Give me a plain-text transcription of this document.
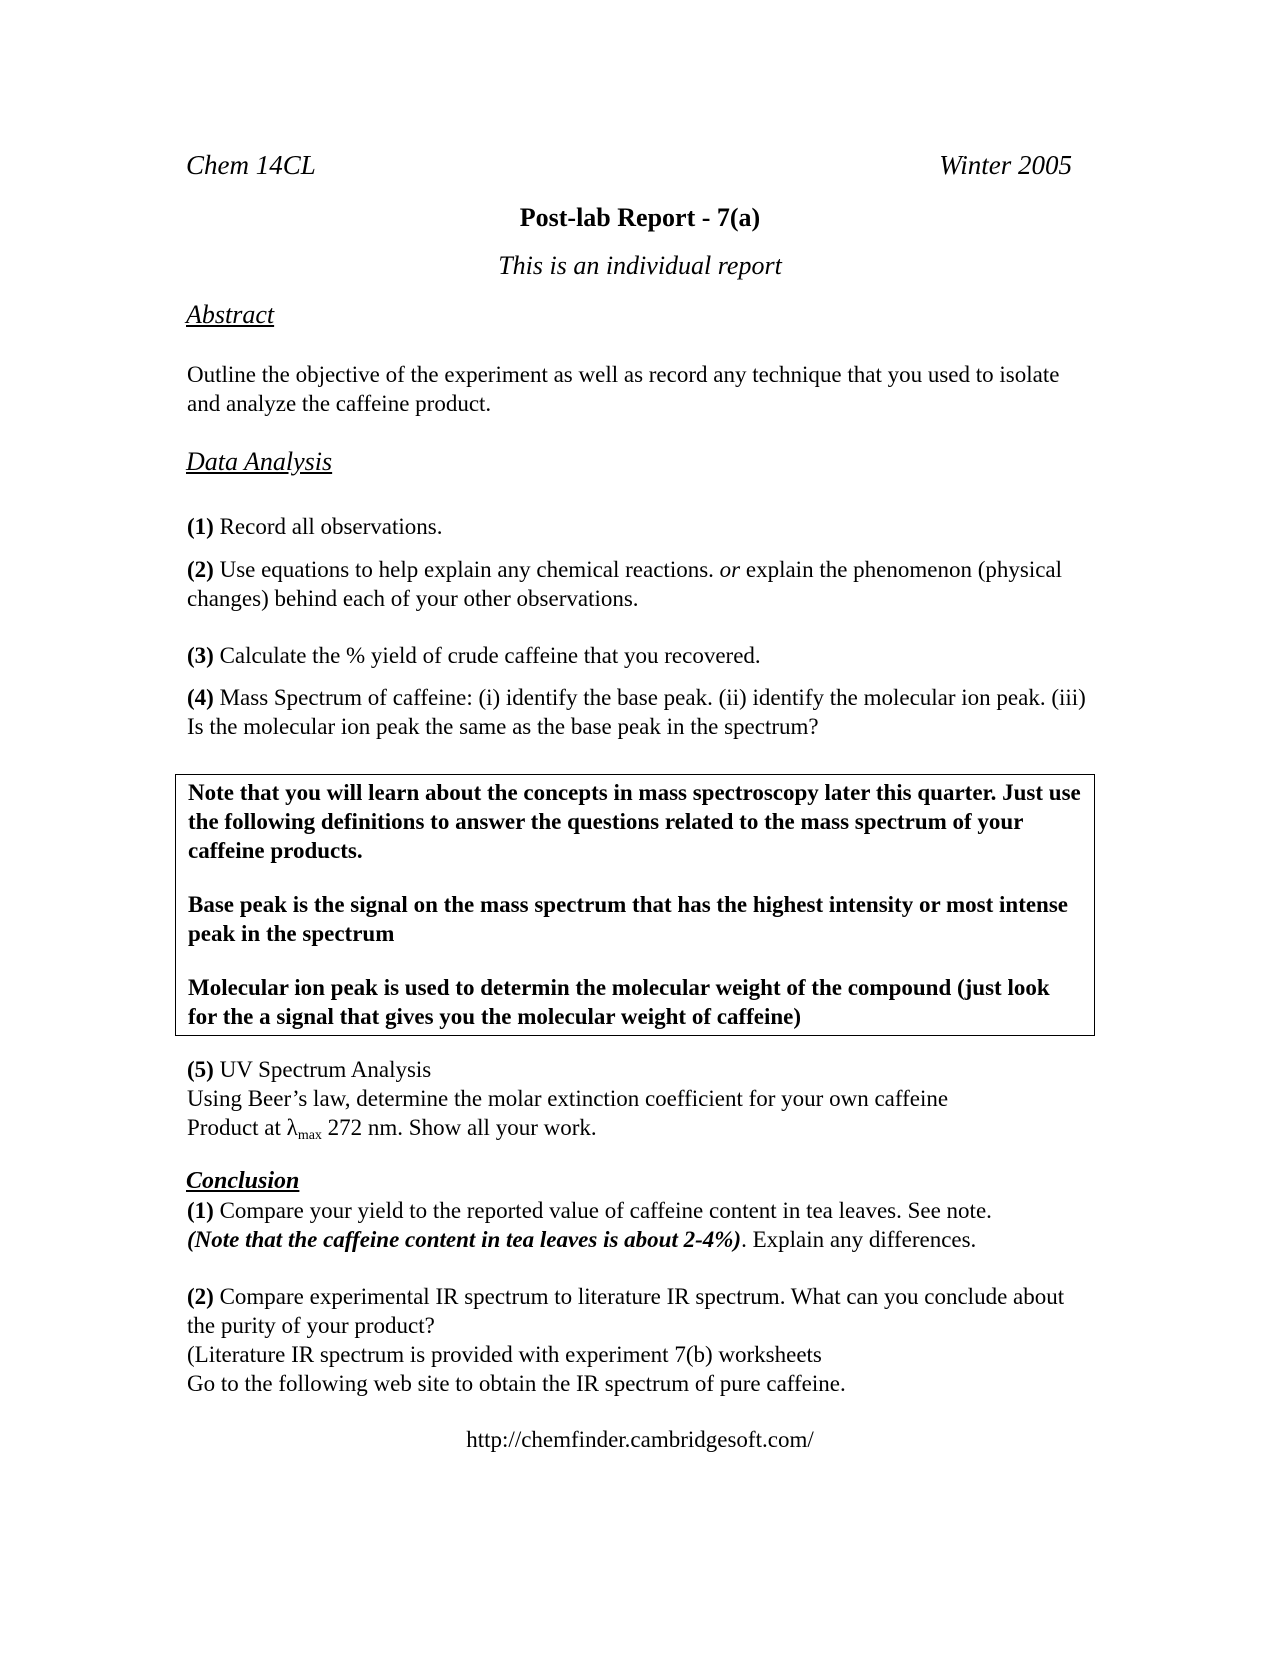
Chem 14CL	Winter 2005
Post-lab Report - 7(a)
This is an individual report
Abstract
Outline the objective of the experiment as well as record any technique that you used to isolate and analyze the caffeine product.
Data Analysis
(1) Record all observations.
(2) Use equations to help explain any chemical reactions. or explain the phenomenon (physical changes) behind each of your other observations.
(3) Calculate the % yield of crude caffeine that you recovered.
(4) Mass Spectrum of caffeine: (i) identify the base peak. (ii) identify the molecular ion peak. (iii) Is the molecular ion peak the same as the base peak in the spectrum?

Note that you will learn about the concepts in mass spectroscopy later this quarter. Just use the following definitions to answer the questions related to the mass spectrum of your caffeine products.

Base peak is the signal on the mass spectrum that has the highest intensity or most intense peak in the spectrum

Molecular ion peak is used to determin the molecular weight of the compound (just look for the a signal that gives you the molecular weight of caffeine)

(5) UV Spectrum Analysis
Using Beer’s law, determine the molar extinction coefficient for your own caffeine
Product at $\lambda_{max}$ 272 nm. Show all your work.
Conclusion
(1) Compare your yield to the reported value of caffeine content in tea leaves. See note.
(Note that the caffeine content in tea leaves is about 2-4%). Explain any differences.
(2) Compare experimental IR spectrum to literature IR spectrum. What can you conclude about the purity of your product?
(Literature IR spectrum is provided with experiment 7(b) worksheets
Go to the following web site to obtain the IR spectrum of pure caffeine.
http://chemfinder.cambridgesoft.com/
